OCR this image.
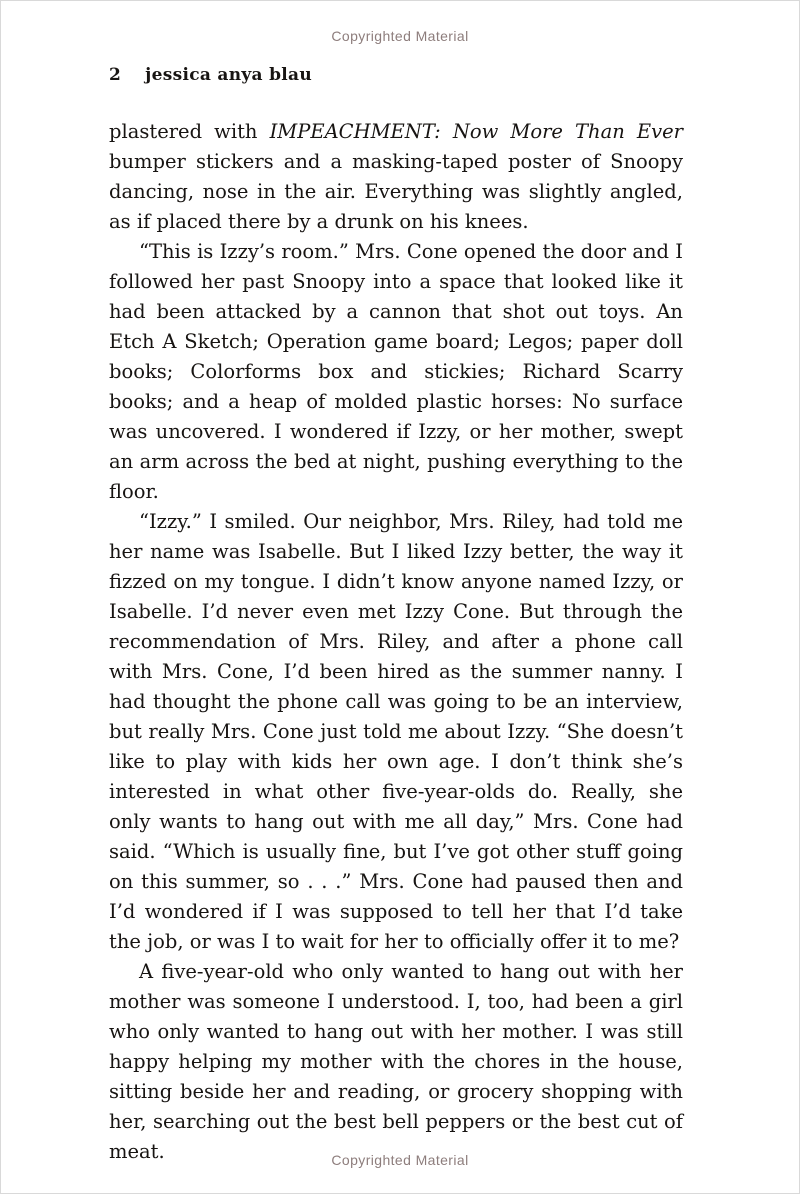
Copyrighted Material
2 jessica anya blau

plastered with IMPEACHMENT: Now More Than Ever bumper stickers and a masking-taped poster of Snoopy dancing, nose in the air. Everything was slightly angled, as if placed there by a drunk on his knees.

“This is Izzy’s room.” Mrs. Cone opened the door and I followed her past Snoopy into a space that looked like it had been attacked by a cannon that shot out toys. An Etch A Sketch; Operation game board; Legos; paper doll books; Colorforms box and stickies; Richard Scarry books; and a heap of molded plastic horses: No surface was uncovered. I wondered if Izzy, or her mother, swept an arm across the bed at night, pushing everything to the floor.

“Izzy.” I smiled. Our neighbor, Mrs. Riley, had told me her name was Isabelle. But I liked Izzy better, the way it fizzed on my tongue. I didn’t know anyone named Izzy, or Isabelle. I’d never even met Izzy Cone. But through the recommendation of Mrs. Riley, and after a phone call with Mrs. Cone, I’d been hired as the summer nanny. I had thought the phone call was going to be an interview, but really Mrs. Cone just told me about Izzy. “She doesn’t like to play with kids her own age. I don’t think she’s interested in what other five-year-olds do. Really, she only wants to hang out with me all day,” Mrs. Cone had said. “Which is usually fine, but I’ve got other stuff going on this summer, so . . .” Mrs. Cone had paused then and I’d wondered if I was supposed to tell her that I’d take the job, or was I to wait for her to officially offer it to me?

A five-year-old who only wanted to hang out with her mother was someone I understood. I, too, had been a girl who only wanted to hang out with her mother. I was still happy helping my mother with the chores in the house, sitting beside her and reading, or grocery shopping with her, searching out the best bell peppers or the best cut of meat.	Copyrighted Material
